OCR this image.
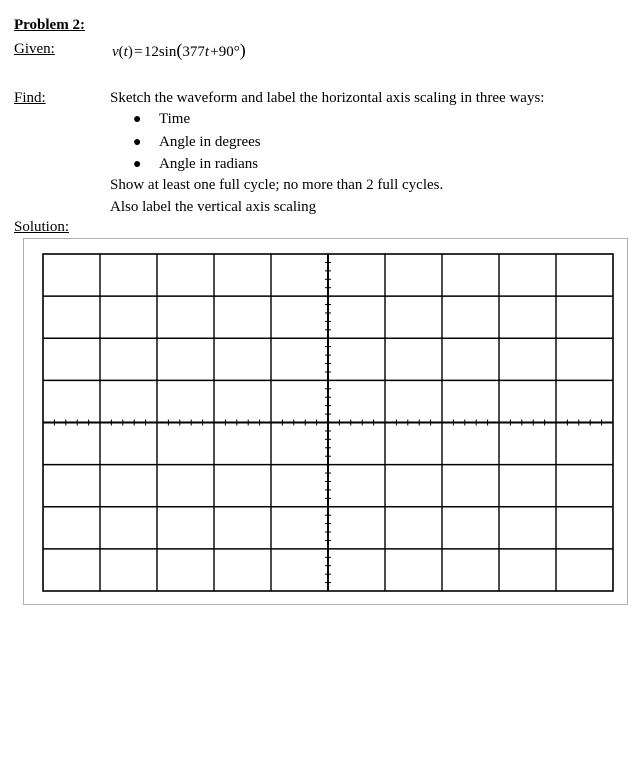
Problem 2:
Given:	v(t) = 12sin(377t +90°)
Find:	Sketch the waveform and label the horizontal axis scaling in three ways:
● Time
● Angle in degrees
● Angle in radians
Show at least one full cycle; no more than 2 full cycles.
Also label the vertical axis scaling
Solution:
